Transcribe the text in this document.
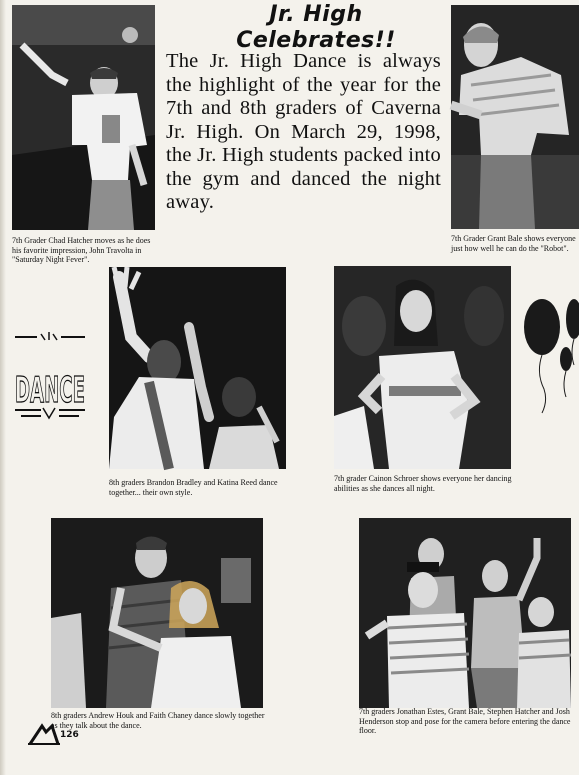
7th Grader Chad Hatcher moves as he does his favorite impression, John Travolta in "Saturday Night Fever".
Jr. High
Celebrates!!
The Jr. High Dance is always the highlight of the year for the 7th and 8th graders of Caverna Jr. High. On March 29, 1998, the Jr. High students packed into the gym and danced the night away.
7th Grader Grant Bale shows everyone just how well he can do the "Robot".
DANCE
8th graders Brandon Bradley and Katina Reed dance together... their own style.
7th grader Cainon Schroer shows everyone her dancing abilities as she dances all night.
8th graders Andrew Houk and Faith Chaney dance slowly together as they talk about the dance.
7th graders Jonathan Estes, Grant Bale, Stephen Hatcher and Josh Henderson stop and pose for the camera before entering the dance floor.
126
